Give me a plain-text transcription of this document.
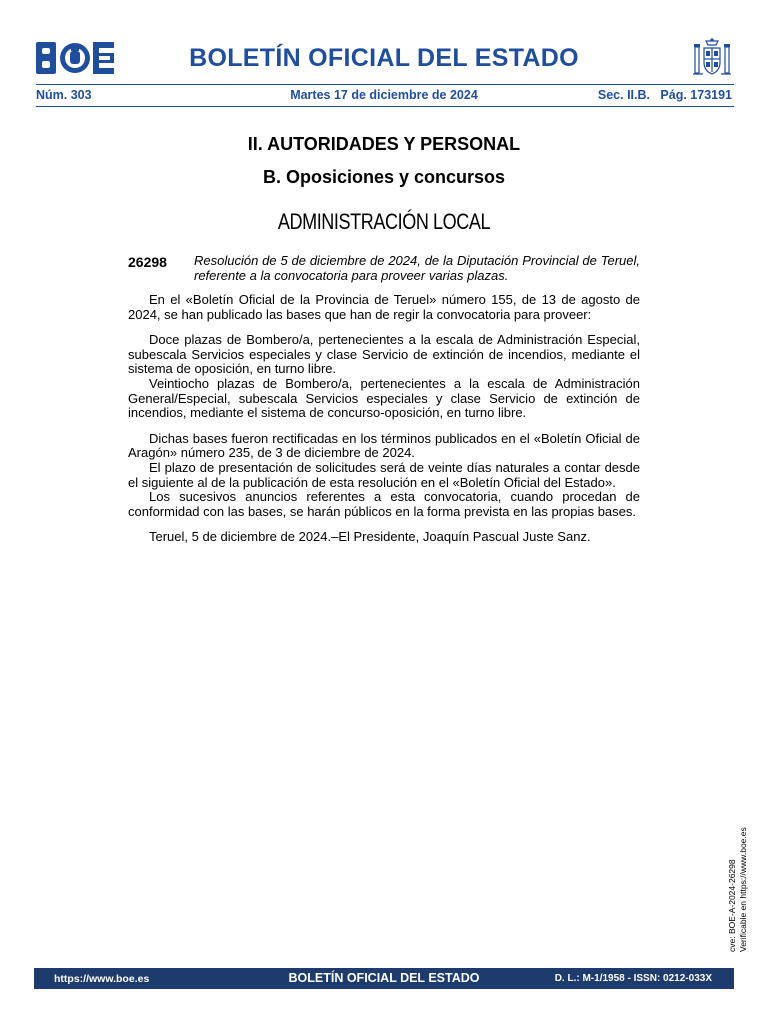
BOLETÍN OFICIAL DEL ESTADO
Núm. 303	Martes 17 de diciembre de 2024	Sec. II.B.   Pág. 173191
II. AUTORIDADES Y PERSONAL
B. Oposiciones y concursos
ADMINISTRACIÓN LOCAL
26298 Resolución de 5 de diciembre de 2024, de la Diputación Provincial de Teruel, referente a la convocatoria para proveer varias plazas.

En el «Boletín Oficial de la Provincia de Teruel» número 155, de 13 de agosto de 2024, se han publicado las bases que han de regir la convocatoria para proveer:

Doce plazas de Bombero/a, pertenecientes a la escala de Administración Especial, subescala Servicios especiales y clase Servicio de extinción de incendios, mediante el sistema de oposición, en turno libre.

Veintiocho plazas de Bombero/a, pertenecientes a la escala de Administración General/Especial, subescala Servicios especiales y clase Servicio de extinción de incendios, mediante el sistema de concurso-oposición, en turno libre.

Dichas bases fueron rectificadas en los términos publicados en el «Boletín Oficial de Aragón» número 235, de 3 de diciembre de 2024.

El plazo de presentación de solicitudes será de veinte días naturales a contar desde el siguiente al de la publicación de esta resolución en el «Boletín Oficial del Estado».

Los sucesivos anuncios referentes a esta convocatoria, cuando procedan de conformidad con las bases, se harán públicos en la forma prevista en las propias bases.

Teruel, 5 de diciembre de 2024.–El Presidente, Joaquín Pascual Juste Sanz.

cve: BOE-A-2024-26298 Verificable en https://www.boe.es
https://www.boe.es	BOLETÍN OFICIAL DEL ESTADO	D. L.: M-1/1958 - ISSN: 0212-033X
